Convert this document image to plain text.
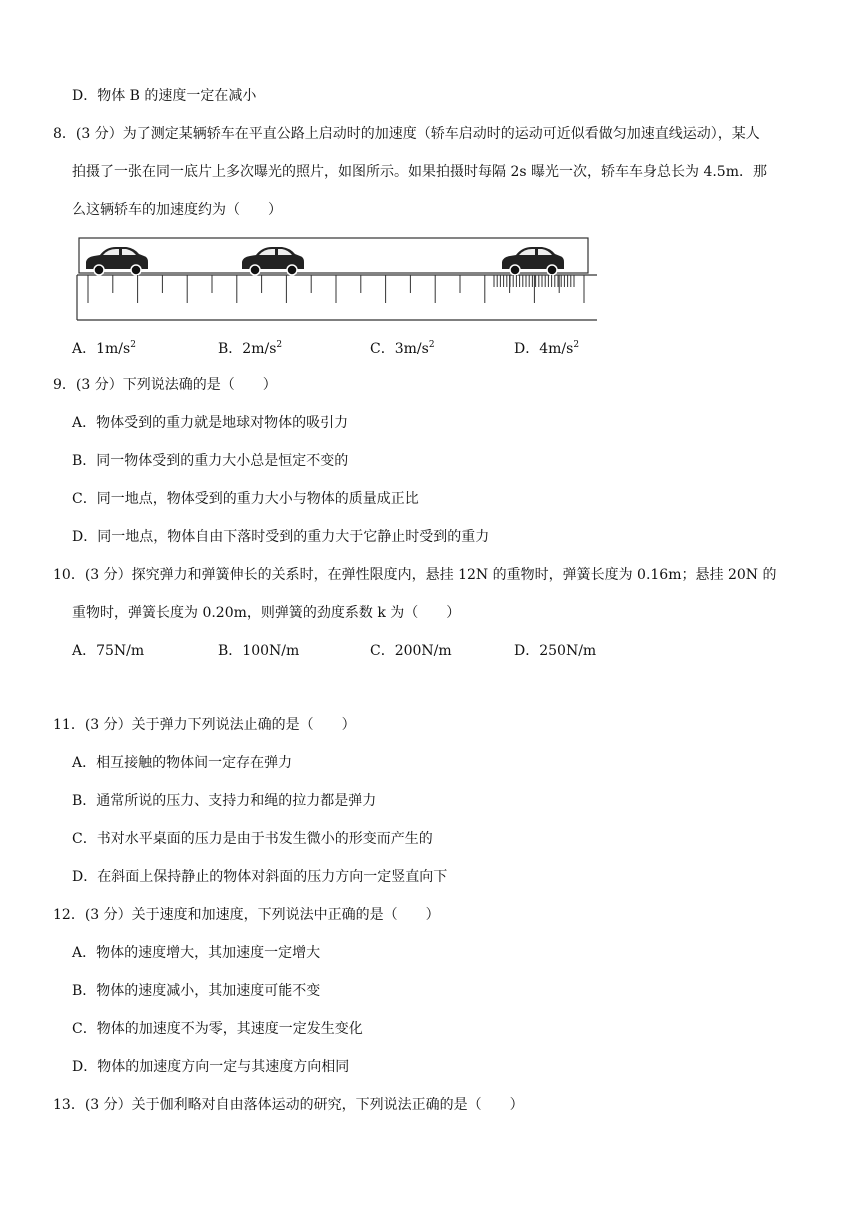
D．物体 B 的速度一定在减小
8．(3 分）为了测定某辆轿车在平直公路上启动时的加速度（轿车启动时的运动可近似看做匀加速直线运动），某人
拍摄了一张在同一底片上多次曝光的照片，如图所示。如果拍摄时每隔 2s 曝光一次，轿车车身总长为 4.5m．那
么这辆轿车的加速度约为（　　）
A．$1m/s^2$	B．$2m/s^2$	C．$3m/s^2$	D．$4m/s^2$
9．(3 分）下列说法确的是（　　）
A．物体受到的重力就是地球对物体的吸引力
B．同一物体受到的重力大小总是恒定不变的
C．同一地点，物体受到的重力大小与物体的质量成正比
D．同一地点，物体自由下落时受到的重力大于它静止时受到的重力
10．(3 分）探究弹力和弹簧伸长的关系时，在弹性限度内，悬挂 12N 的重物时，弹簧长度为 0.16m；悬挂 20N 的
重物时，弹簧长度为 0.20m，则弹簧的劲度系数 k 为（　　）
A．75N/m	B．100N/m	C．200N/m	D．250N/m
11．(3 分）关于弹力下列说法止确的是（　　）
A．相互接触的物体间一定存在弹力
B．通常所说的压力、支持力和绳的拉力都是弹力
C．书对水平桌面的压力是由于书发生微小的形变而产生的
D．在斜面上保持静止的物体对斜面的压力方向一定竖直向下
12．(3 分）关于速度和加速度，下列说法中正确的是（　　）
A．物体的速度增大，其加速度一定增大
B．物体的速度减小，其加速度可能不变
C．物体的加速度不为零，其速度一定发生变化
D．物体的加速度方向一定与其速度方向相同
13．(3 分）关于伽利略对自由落体运动的研究，下列说法正确的是（　　）
